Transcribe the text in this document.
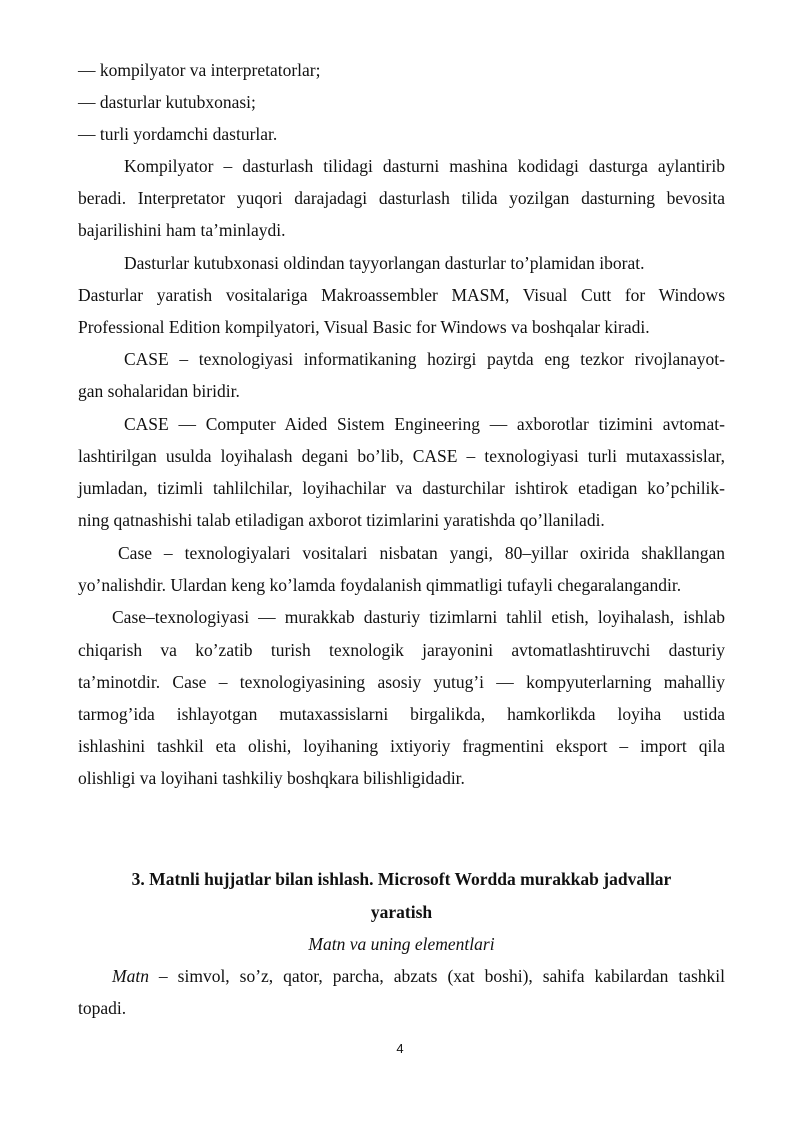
— kompilyator va interpretatorlar;
— dasturlar kutubxonasi;
— turli yordamchi dasturlar.
Kompilyator – dasturlash tilidagi dasturni mashina kodidagi dasturga aylantirib
beradi. Interpretator yuqori darajadagi dasturlash tilida yozilgan dasturning bevosita
bajarilishini ham ta’minlaydi.
Dasturlar kutubxonasi oldindan tayyorlangan dasturlar to’plamidan iborat.
Dasturlar yaratish vositalariga Makroassembler MASM, Visual Cutt for Windows
Professional Edition kompilyatori, Visual Basic for Windows va boshqalar kiradi.
CASE – texnologiyasi informatikaning hozirgi paytda eng tezkor rivojlanayot-
gan sohalaridan biridir.
CASE — Computer Aided Sistem Engineering — axborotlar tizimini avtomat-
lashtirilgan usulda loyihalash degani bo’lib, CASE – texnologiyasi turli mutaxassislar,
jumladan, tizimli tahlilchilar, loyihachilar va dasturchilar ishtirok etadigan ko’pchilik-
ning qatnashishi talab etiladigan axborot tizimlarini yaratishda qo’llaniladi.
Case – texnologiyalari vositalari nisbatan yangi, 80–yillar oxirida shakllangan
yo’nalishdir. Ulardan keng ko’lamda foydalanish qimmatligi tufayli chegaralangandir.
Case–texnologiyasi — murakkab dasturiy tizimlarni tahlil etish, loyihalash, ishlab
chiqarish va ko’zatib turish texnologik jarayonini avtomatlashtiruvchi dasturiy
ta’minotdir. Case – texnologiyasining asosiy yutug’i — kompyuterlarning mahalliy
tarmog’ida ishlayotgan mutaxassislarni birgalikda, hamkorlikda loyiha ustida
ishlashini tashkil eta olishi, loyihaning ixtiyoriy fragmentini eksport – import qila
olishligi va loyihani tashkiliy boshqkara bilishligidadir.
3. Matnli hujjatlar bilan ishlash. Microsoft Wordda murakkab jadvallar
yaratish
Matn va uning elementlari
Matn – simvol, so’z, qator, parcha, abzats (xat boshi), sahifa kabilardan tashkil
topadi.
4
